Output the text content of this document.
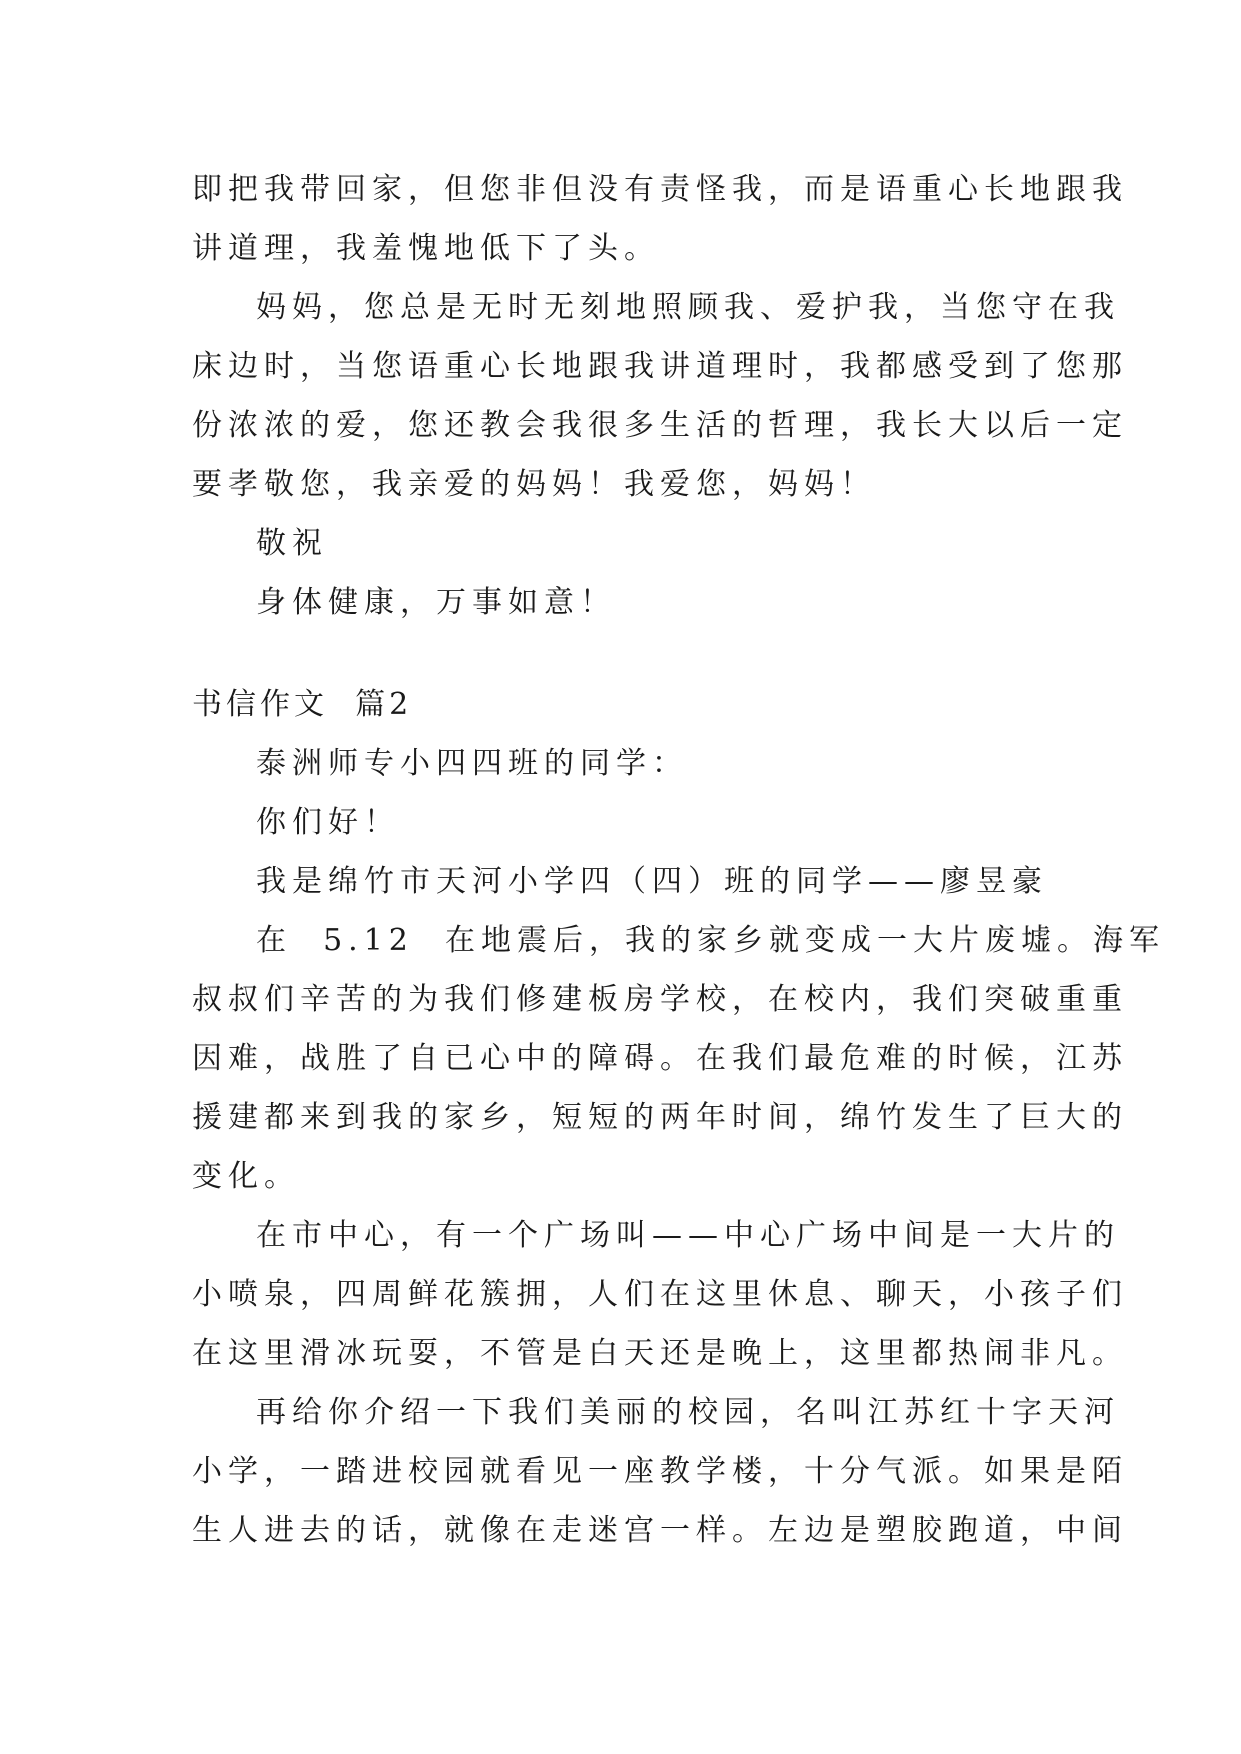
即把我带回家，但您非但没有责怪我，而是语重心长地跟我
讲道理，我羞愧地低下了头。
妈妈，您总是无时无刻地照顾我、爱护我，当您守在我
床边时，当您语重心长地跟我讲道理时，我都感受到了您那
份浓浓的爱，您还教会我很多生活的哲理，我长大以后一定
要孝敬您，我亲爱的妈妈！我爱您，妈妈！
敬祝
身体健康，万事如意！
书信作文  篇2
泰洲师专小四四班的同学：
你们好！
我是绵竹市天河小学四（四）班的同学——廖昱豪
在  5.12  在地震后，我的家乡就变成一大片废墟。海军
叔叔们辛苦的为我们修建板房学校，在校内，我们突破重重
因难，战胜了自已心中的障碍。在我们最危难的时候，江苏
援建都来到我的家乡，短短的两年时间，绵竹发生了巨大的
变化。
在市中心，有一个广场叫——中心广场中间是一大片的
小喷泉，四周鲜花簇拥，人们在这里休息、聊天，小孩子们
在这里滑冰玩耍，不管是白天还是晚上，这里都热闹非凡。
再给你介绍一下我们美丽的校园，名叫江苏红十字天河
小学，一踏进校园就看见一座教学楼，十分气派。如果是陌
生人进去的话，就像在走迷宫一样。左边是塑胶跑道，中间
